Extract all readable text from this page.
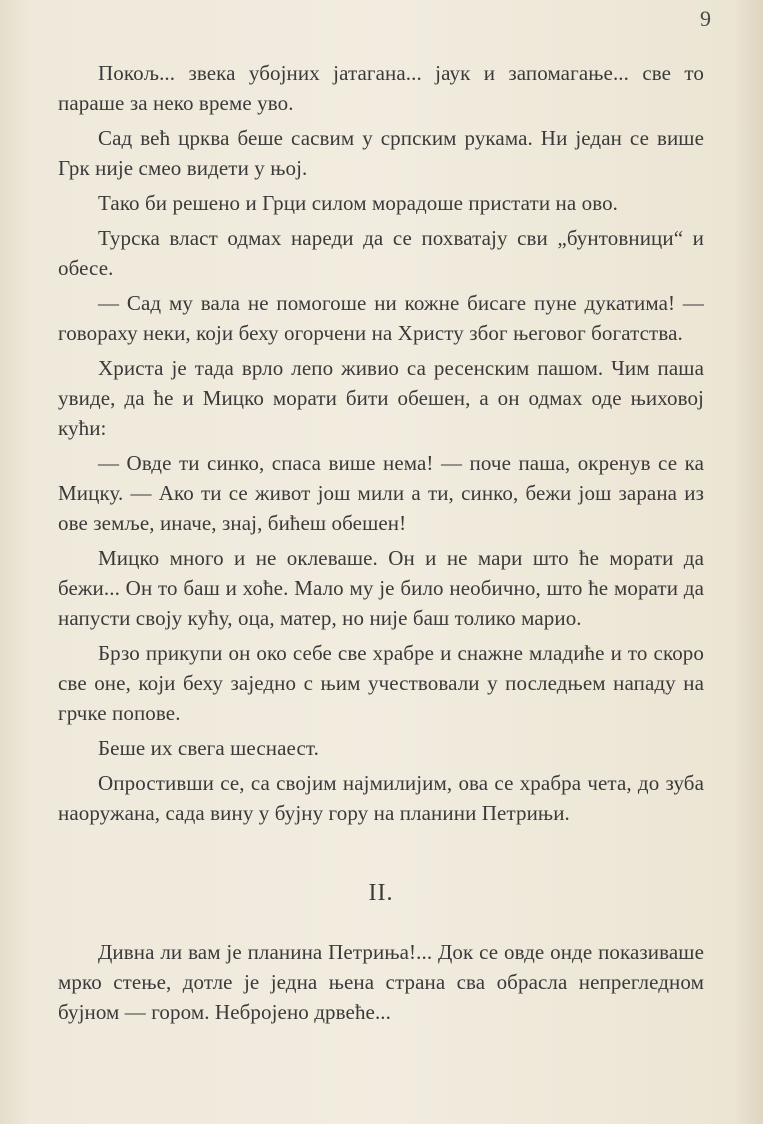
9

Покољ... звека убојних јатагана... јаук и запомагање... све то параше за неко време уво.

Сад већ црква беше сасвим у српским рукама. Ни један се више Грк није смео видети у њој.

Тако би решено и Грци силом морадоше пристати на ово.

Турска власт одмах нареди да се похватају сви „бунтовници“ и обесе.

— Сад му вала не помогоше ни кожне бисаге пуне дукатима! — говораху неки, који беху огорчени на Христу због његовог богатства.

Христа је тада врло лепо живио са ресенским пашом. Чим паша увиде, да ће и Мицко морати бити обешен, а он одмах оде њиховој кући:

— Овде ти синко, спаса више нема! — поче паша, окренув се ка Мицку. — Ако ти се живот још мили а ти, синко, бежи још зарана из ове земље, иначе, знај, бићеш обешен!

Мицко много и не оклеваше. Он и не мари што ће морати да бежи... Он то баш и хоће. Мало му је било необично, што ће морати да напусти своју кућу, оца, матер, но није баш толико марио.

Брзо прикупи он око себе све храбре и снажне младиће и то скоро све оне, који беху заједно с њим учествовали у последњем нападу на грчке попове.

Беше их свега шеснаест.

Опростивши се, са својим најмилијим, ова се храбра чета, до зуба наоружана, сада вину у бујну гору на планини Петрињи.

II.

Дивна ли вам је планина Петриња!... Док се овде онде показиваше мрко стење, дотле је једна њена страна сва обрасла непрегледном бујном — гором. Небројено дрвеће...
